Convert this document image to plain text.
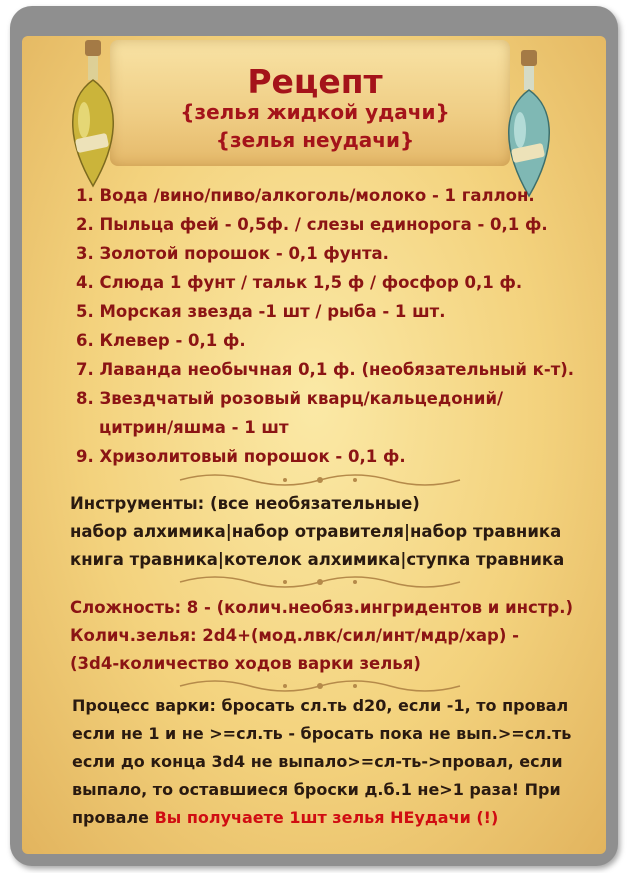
Рецепт
{зелья жидкой удачи}
{зелья неудачи}
1. Вода /вино/пиво/алкоголь/молоко - 1 галлон.
2. Пыльца фей - 0,5ф. / слезы единорога - 0,1 ф.
3. Золотой порошок - 0,1 фунта.
4. Слюда 1 фунт / тальк 1,5 ф / фосфор 0,1 ф.
5. Морская звезда -1 шт / рыба - 1 шт.
6. Клевер - 0,1 ф.
7. Лаванда необычная 0,1 ф. (необязательный к-т).
8. Звездчатый розовый кварц/кальцедоний/
цитрин/яшма - 1 шт
9. Хризолитовый порошок - 0,1 ф.
Инструменты: (все необязательные)
набор алхимика|набор отравителя|набор травника
книга травника|котелок алхимика|ступка травника
Сложность: 8 - (колич.необяз.ингридентов и инстр.)
Колич.зелья: 2d4+(мод.лвк/сил/инт/мдр/хар) -
(3d4-количество ходов варки зелья)
Процесс варки: бросать сл.ть d20, если -1, то провал
если не 1 и не >=сл.ть - бросать пока не вып.>=сл.ть
если до конца 3d4 не выпало>=сл-ть->провал, если
выпало, то оставшиеся броски д.б.1 не>1 раза! При
провале Вы получаете 1шт зелья НЕудачи (!)
